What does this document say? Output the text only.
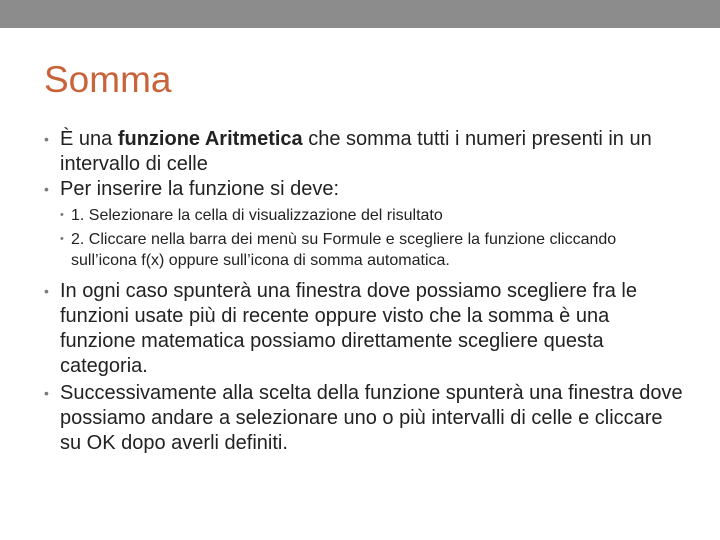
Somma
• È una funzione Aritmetica che somma tutti i numeri presenti in un intervallo di celle
• Per inserire la funzione si deve:
• 1. Selezionare la cella di visualizzazione del risultato
• 2. Cliccare nella barra dei menù su Formule e scegliere la funzione cliccando sull’icona f(x) oppure sull’icona di somma automatica.
• In ogni caso spunterà una finestra dove possiamo scegliere fra le funzioni usate più di recente oppure visto che la somma è una funzione matematica possiamo direttamente scegliere questa categoria.
• Successivamente alla scelta della funzione spunterà una finestra dove possiamo andare a selezionare uno o più intervalli di celle e cliccare su OK dopo averli definiti.
